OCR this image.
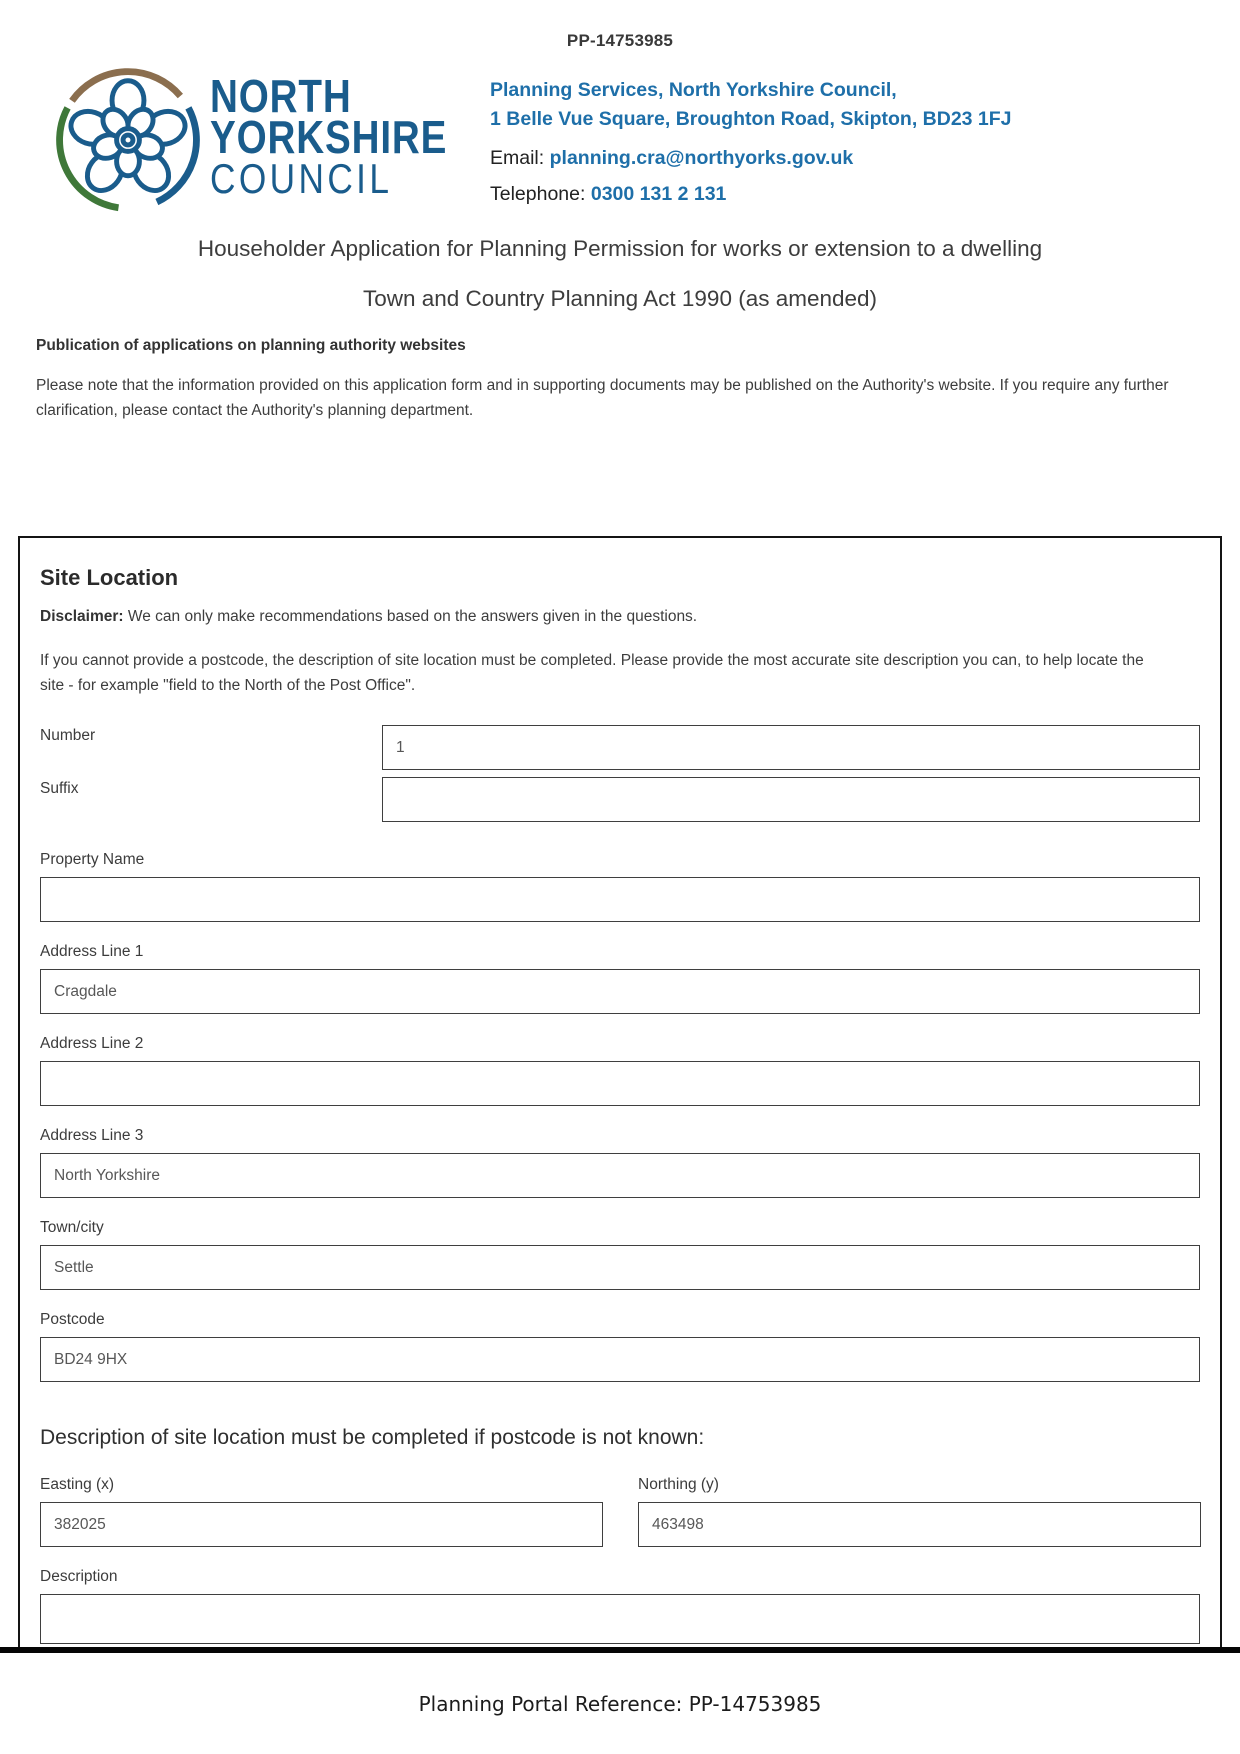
PP-14753985
NORTH
YORKSHIRE
COUNCIL
Planning Services, North Yorkshire Council,
1 Belle Vue Square, Broughton Road, Skipton, BD23 1FJ
Email: planning.cra@northyorks.gov.uk
Telephone: 0300 131 2 131
Householder Application for Planning Permission for works or extension to a dwelling
Town and Country Planning Act 1990 (as amended)
Publication of applications on planning authority websites
Please note that the information provided on this application form and in supporting documents may be published on the Authority's website. If you require any further clarification, please contact the Authority's planning department.
Site Location
Disclaimer: We can only make recommendations based on the answers given in the questions.
If you cannot provide a postcode, the description of site location must be completed. Please provide the most accurate site description you can, to help locate the site - for example "field to the North of the Post Office".
Number
1
Suffix
Property Name
Address Line 1
Cragdale
Address Line 2
Address Line 3
North Yorkshire
Town/city
Settle
Postcode
BD24 9HX
Description of site location must be completed if postcode is not known:
Easting (x)
382025	Northing (y)
463498
Description
Planning Portal Reference: PP-14753985
